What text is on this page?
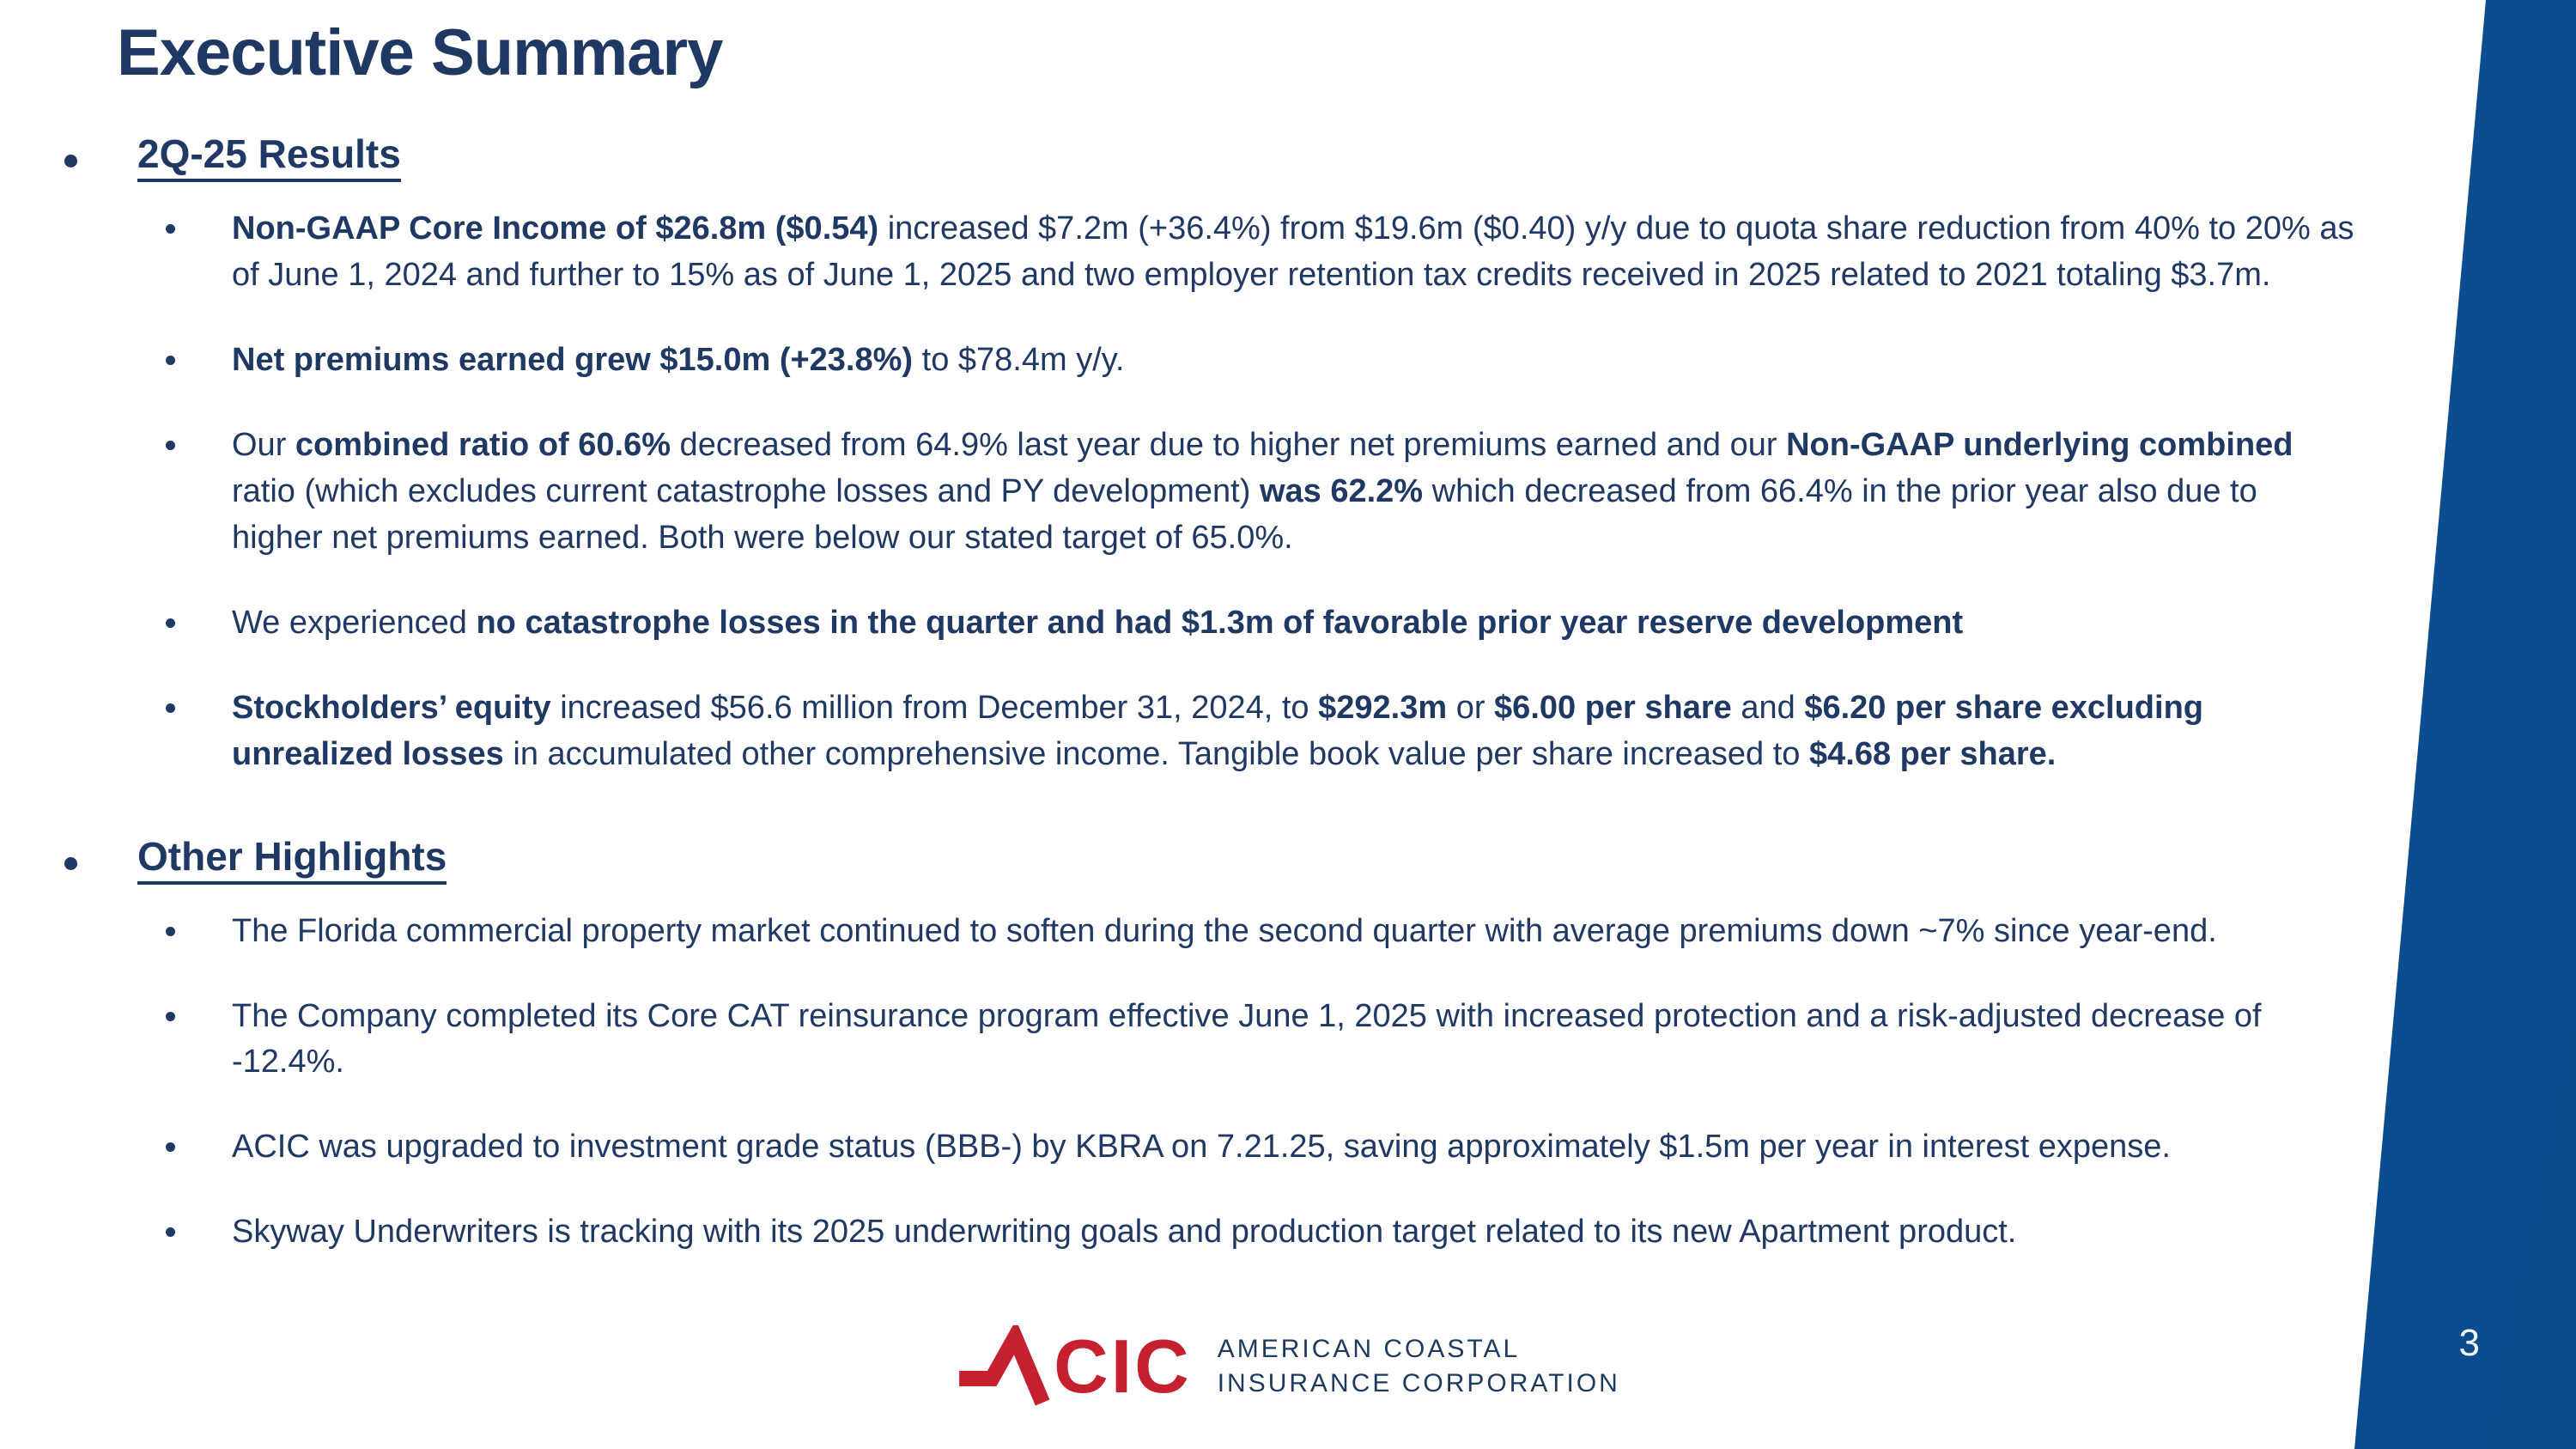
3
Executive Summary
2Q-25 Results

Non-GAAP Core Income of $26.8m ($0.54) increased $7.2m (+36.4%) from $19.6m ($0.40) y/y due to quota share reduction from 40% to 20% as of June 1, 2024 and further to 15% as of June 1, 2025 and two employer retention tax credits received in 2025 related to 2021 totaling $3.7m.

Net premiums earned grew $15.0m (+23.8%) to $78.4m y/y.

Our combined ratio of 60.6% decreased from 64.9% last year due to higher net premiums earned and our Non-GAAP underlying combined ratio (which excludes current catastrophe losses and PY development) was 62.2% which decreased from 66.4% in the prior year also due to higher net premiums earned. Both were below our stated target of 65.0%.

We experienced no catastrophe losses in the quarter and had $1.3m of favorable prior year reserve development

Stockholders’ equity increased $56.6 million from December 31, 2024, to $292.3m or $6.00 per share and $6.20 per share excluding unrealized losses in accumulated other comprehensive income. Tangible book value per share increased to $4.68 per share.

Other Highlights

The Florida commercial property market continued to soften during the second quarter with average premiums down ~7% since year-end.

The Company completed its Core CAT reinsurance program effective June 1, 2025 with increased protection and a risk-adjusted decrease of -12.4%.

ACIC was upgraded to investment grade status (BBB-) by KBRA on 7.21.25, saving approximately $1.5m per year in interest expense.

Skyway Underwriters is tracking with its 2025 underwriting goals and production target related to its new Apartment product.

CIC AMERICAN COASTAL
INSURANCE CORPORATION
